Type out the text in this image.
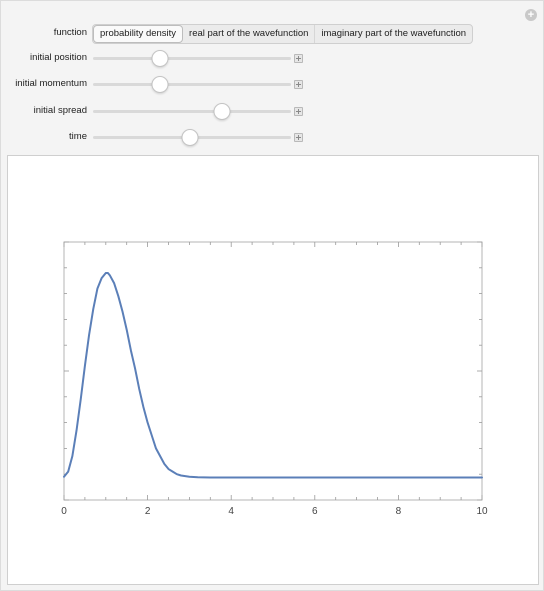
+
function	probability density	real part of the wavefunction	imaginary part of the wavefunction
initial position
initial momentum
initial spread
time
0	2	4	6	8	10
